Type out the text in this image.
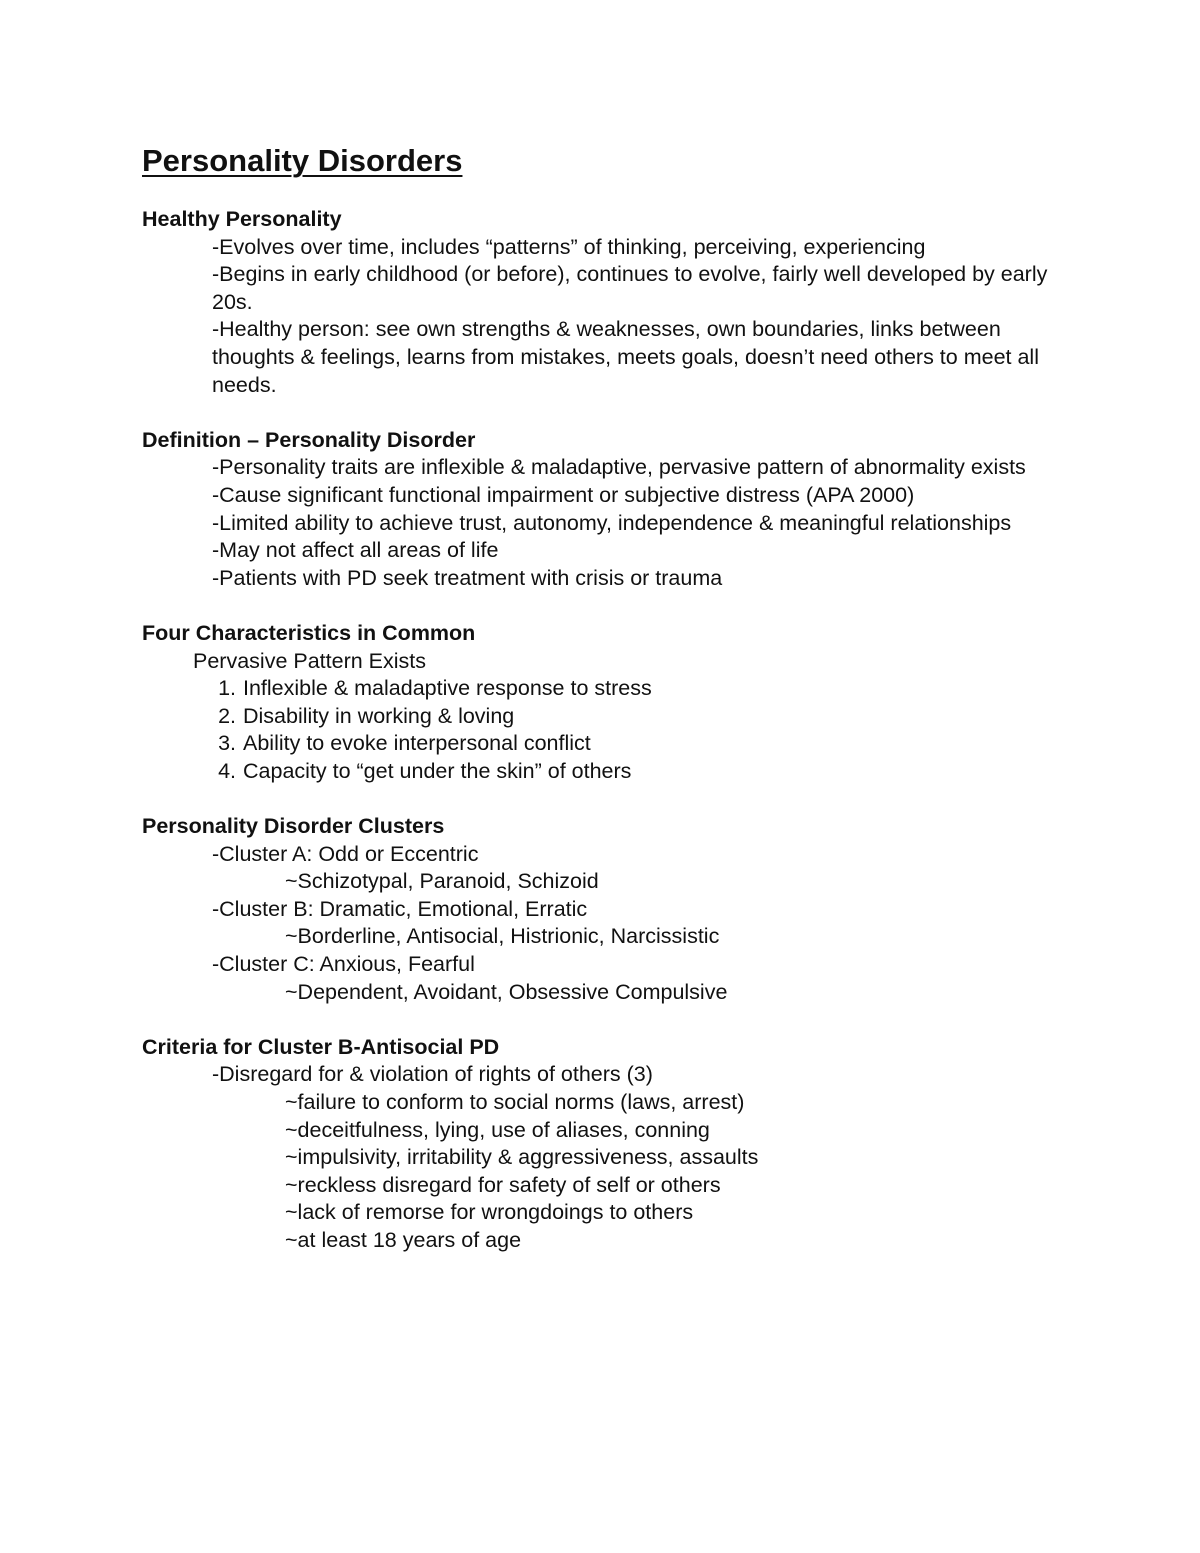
Personality Disorders
Healthy Personality
-Evolves over time, includes “patterns” of thinking, perceiving, experiencing
-Begins in early childhood (or before), continues to evolve, fairly well developed by early 20s.
-Healthy person: see own strengths & weaknesses, own boundaries, links between thoughts & feelings, learns from mistakes, meets goals, doesn’t need others to meet all needs.
Definition – Personality Disorder
-Personality traits are inflexible & maladaptive, pervasive pattern of abnormality exists
-Cause significant functional impairment or subjective distress (APA 2000)
-Limited ability to achieve trust, autonomy, independence & meaningful relationships
-May not affect all areas of life
-Patients with PD seek treatment with crisis or trauma
Four Characteristics in Common
Pervasive Pattern Exists
1. Inflexible & maladaptive response to stress
2. Disability in working & loving
3. Ability to evoke interpersonal conflict
4. Capacity to “get under the skin” of others
Personality Disorder Clusters
-Cluster A: Odd or Eccentric
~Schizotypal, Paranoid, Schizoid
-Cluster B: Dramatic, Emotional, Erratic
~Borderline, Antisocial, Histrionic, Narcissistic
-Cluster C: Anxious, Fearful
~Dependent, Avoidant, Obsessive Compulsive
Criteria for Cluster B-Antisocial PD
-Disregard for & violation of rights of others (3)
~failure to conform to social norms (laws, arrest)
~deceitfulness, lying, use of aliases, conning
~impulsivity, irritability & aggressiveness, assaults
~reckless disregard for safety of self or others
~lack of remorse for wrongdoings to others
~at least 18 years of age
